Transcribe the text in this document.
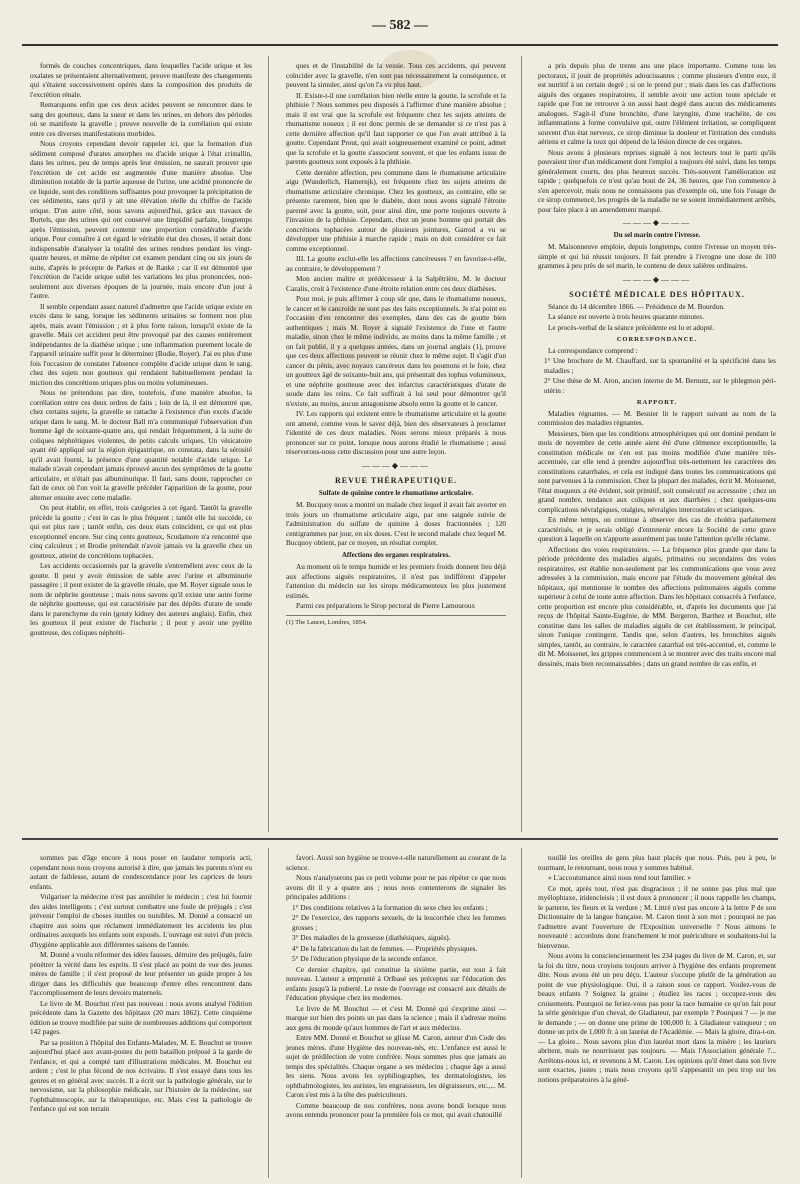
— 582 —

formés de couches concentriques, dans lesquelles l'acide urique et les oxalates se présentaient alternativement, preuve manifeste des changements qui s'étaient successivement opérés dans la composition des produits de l'excrétion rénale.

Remarquons enfin que ces deux acides peuvent se rencontrer dans le sang des goutteux, dans la sueur et dans les urines, en dehors des périodes où se manifeste la gravelle ; preuve nouvelle de la corrélation qui existe entre ces diverses manifestations morbides.

Nous croyons cependant devoir rappeler ici, que la formation d'un sédiment composé d'urates amorphes ou d'acide urique à l'état cristallin, dans les urines, peu de temps après leur émission, ne saurait prouver que l'excrétion de cet acide est augmentée d'une manière absolue. Une diminution notable de la partie aqueuse de l'urine, une acidité prononcée de ce liquide, sont des conditions suffisantes pour provoquer la précipitation de ces sédiments, sans qu'il y ait une élévation réelle du chiffre de l'acide urique. D'un autre côté, nous savons aujourd'hui, grâce aux travaux de Bortels, que des urines qui ont conservé une limpidité parfaite, longtemps après l'émission, peuvent contenir une proportion considérable d'acide urique. Pour connaître à cet égard le véritable état des choses, il serait donc indispensable d'analyser la totalité des urines rendues pendant les vingt-quatre heures, et même de répéter cet examen pendant cinq ou six jours de suite, d'après le précepte de Parkes et de Ranke ; car il est démontré que l'excrétion de l'acide urique subit les variations les plus prononcées, non-seulement aux diverses époques de la journée, mais encore d'un jour à l'autre.

Il semble cependant assez naturel d'admettre que l'acide urique existe en excès dans le sang, lorsque les sédiments urinaires se forment non plus après, mais avant l'émission ; et à plus forte raison, lorsqu'il existe de la gravelle. Mais cet accident peut être provoqué par des causes entièrement indépendantes de la diathèse urique ; une inflammation purement locale de l'appareil urinaire suffit pour le déterminer (Bodie, Royer). J'ai eu plus d'une fois l'occasion de constater l'absence complète d'acide urique dans le sang, chez des sujets non goutteux qui rendaient habituellement pendant la miction des concrétions uriques plus ou moins volumineuses.

Nous ne prétendons pas dire, toutefois, d'une manière absolue, la corrélation entre ces deux ordres de faits ; loin de là, il est démontré que, chez certains sujets, la gravelle se rattache à l'existence d'un excès d'acide urique dans le sang. M. le docteur Ball m'a communiqué l'observation d'un homme âgé de soixante-quatre ans, qui rendait fréquemment, à la suite de coliques néphrétiques violentes, de petits calculs uriques. Un vésicatoire ayant été appliqué sur la région épigastrique, on constata, dans la sérosité qu'il avait fourni, la présence d'une quantité notable d'acide urique. Le malade n'avait cependant jamais éprouvé aucun des symptômes de la goutte articulaire, et n'était pas albuminurique. Il faut, sans doute, rapprocher ce fait de ceux où l'on voit la gravelle précéder l'apparition de la goutte, pour alterner ensuite avec cette maladie.

On peut établir, en effet, trois catégories à cet égard. Tantôt la gravelle précède la goutte ; c'est le cas le plus fréquent ; tantôt elle lui succède, ce qui est plus rare ; tantôt enfin, ces deux états coïncident, ce qui est plus exceptionnel encore. Sur cinq cents goutteux, Scudamore n'a rencontré que cinq calculeux ; et Brodie prétendait n'avoir jamais vu la gravelle chez un goutteux, atteint de concrétions tophacées.

Les accidents occasionnés par la gravelle s'entremêlent avec ceux de la goutte. Il peut y avoir émission de sable avec l'urine et albuminurie passagère ; il peut exister de la gravelle rénale, que M. Royer signale sous le nom de néphrite goutteuse ; mais nous savons qu'il existe une autre forme de néphrite goutteuse, qui est caractérisée par des dépôts d'urate de soude dans le parenchyme du rein (gouty kidney des auteurs anglais). Enfin, chez les goutteux il peut exister de l'ischurie ; il peut y avoir une pyélite goutteuse, des coliques néphréti-

ques et de l'instabilité de la vessie. Tous ces accidents, qui peuvent coïncider avec la gravelle, n'en sont pas nécessairement la conséquence, et peuvent la simuler, ainsi qu'on l'a vu plus haut.

II. Existe-t-il une corrélation bien réelle entre la goutte, la scrofule et la phthisie ? Nous sommes peu disposés à l'affirmer d'une manière absolue ; mais il est vrai que la scrofule est fréquente chez les sujets atteints de rhumatisme noueux ; il est donc permis de se demander si ce n'est pas à cette dernière affection qu'il faut rapporter ce que l'on avait attribué à la goutte. Cependant Prout, qui avait soigneusement examiné ce point, admet que la scrofule et la goutte s'associent souvent, et que les enfants issus de parents goutteux sont exposés à la phthisie.

Cette dernière affection, peu commune dans le rhumatisme articulaire aigu (Wunderlich, Hamernjk), est fréquente chez les sujets atteints de rhumatisme articulaire chronique. Chez les goutteux, au contraire, elle se présente rarement, bien que le diabète, dont nous avons signalé l'étroite parenté avec la goutte, soit, pour ainsi dire, une porte toujours ouverte à l'invasion de la phthisie. Cependant, chez un jeune homme qui portait des concrétions tophacées autour de plusieurs jointures, Garrod a vu se développer une phthisie à marche rapide ; mais on doit considérer ce fait comme exceptionnel.

III. La goutte exclut-elle les affections cancéreuses ? en favorise-t-elle, au contraire, le développement ?

Mon ancien maître et prédécesseur à la Salpêtrière, M. le docteur Cazalis, croit à l'existence d'une étroite relation entre ces deux diathèses.

Pour moi, je puis affirmer à coup sûr que, dans le rhumatisme noueux, le cancer et le cancroïde ne sont pas des faits exceptionnels. Je n'ai point eu l'occasion d'en rencontrer des exemples, dans des cas de goutte bien authentiques ; mais M. Royer a signalé l'existence de l'une et l'autre maladie, sinon chez le même individu, au moins dans la même famille ; et on fait publié, il y a quelques années, dans un journal anglais (1), prouve que ces deux affections peuvent se réunir chez le même sujet. Il s'agit d'un cancer du pénis, avec noyaux cancéreux dans les poumons et le foie, chez un goutteux âgé de soixante-huit ans, qui présentait des tophus volumineux, et une néphrite goutteuse avec des infarctus caractéristiques d'urate de soude dans les reins. Ce fait suffirait à lui seul pour démontrer qu'il n'existe, au moins, aucun antagonisme absolu entre la goutte et le cancer.

IV. Les rapports qui existent entre le rhumatisme articulaire et la goutte ont amené, comme vous le savez déjà, bien des observateurs à proclamer l'identité de ces deux maladies. Nous serons mieux préparés à nous prononcer sur ce point, lorsque nous aurons étudié le rhumatisme ; aussi réserverons-nous cette discussion pour une autre leçon.

———◆———
REVUE THÉRAPEUTIQUE.
Sulfate de quinine contre le rhumatisme articulaire.

M. Bucquoy nous a montré un malade chez lequel il avait fait avorter en trois jours un rhumatisme articulaire aigu, par une saignée suivie de l'administration du sulfate de quinine à doses fractionnées ; 120 centigrammes par jour, en six doses. C'est le second malade chez lequel M. Bucquoy obtient, par ce moyen, un résultat complet.

Affections des organes respiratoires.

Au moment où le temps humide et les premiers froids donnent lieu déjà aux affections aiguës respiratoires, il n'est pas indifférent d'appeler l'attention du médecin sur les sirops médicamenteux les plus justement estimés.

Parmi ces préparations le Sirop pectoral de Pierre Lamouroux

(1) The Lancet, Londres, 1854.

a pris depuis plus de trente ans une place importante. Comme tous les pectoraux, il jouit de propriétés adoucissantes ; comme plusieurs d'entre eux, il est nutritif à un certain degré ; si on le prend pur ; mais dans les cas d'affections aiguës des organes respiratoires, il semble avoir une action toute spéciale et rapide que l'on ne retrouve à un aussi haut degré dans aucun des médicaments analogues. S'agit-il d'une bronchite, d'une laryngite, d'une trachéite, de ces inflammations à forme convulsive qui, outre l'élément irritation, se compliquent souvent d'un état nerveux, ce sirop diminue la douleur et l'irritation des conduits aériens et calme la toux qui dépend de la lésion directe de ces organes.

Nous avons à plusieurs reprises signalé à nos lecteurs tout le parti qu'ils pouvaient tirer d'un médicament dont l'emploi a toujours été suivi, dans les temps généralement courts, des plus heureux succès. Très-souvent l'amélioration est rapide ; quelquefois ce n'est qu'au bout de 24, 36 heures, que l'on commence à s'en apercevoir, mais nous ne connaissons pas d'exemple où, une fois l'usage de ce sirop commencé, les progrès de la maladie ne se soient immédiatement arrêtés, pour faire place à un amendement marqué.

———◆———
Du sel marin contre l'ivresse.

M. Maisonneuve emploie, depuis longtemps, contre l'ivresse un moyen très-simple et qui lui réussit toujours. Il fait prendre à l'ivrogne une dose de 100 grammes à peu près de sel marin, le contenu de deux salières ordinaires.

———◆———
SOCIÉTÉ MÉDICALE DES HÔPITAUX.

Séance du 14 décembre 1866. — Présidence de M. Bourdon.

La séance est ouverte à trois heures quarante minutes.

Le procès-verbal de la séance précédente est lu et adopté.

CORRESPONDANCE.

La correspondance comprend :

1° Une brochure de M. Chauffard, sur la spontanéité et la spécificité dans les maladies ;

2° Une thèse de M. Aron, ancien interne de M. Bernutz, sur le phlegmon péri-utérin :

RAPPORT.

Maladies régnantes. — M. Besnier lit le rapport suivant au nom de la commission des maladies régnantes.

Messieurs, bien que les conditions atmosphériques qui ont dominé pendant le mois de novembre de cette année aient été d'une clémence exceptionnelle, la constitution médicale ne s'en est pas moins modifiée d'une manière très-accentuée, car elle tend à prendre aujourd'hui très-nettement les caractères des constitutions catarrhales, et cela est indiqué dans toutes les communications qui sont parvenues à la commission. Chez la plupart des malades, écrit M. Moissenet, l'état muqueux a été évident, soit primitif, soit consécutif ou accessoire ; chez un grand nombre, tendance aux coliques et aux diarrhées ; chez quelques-uns complications névralgiques, otalgies, névralgies intercostales et sciatiques.

En même temps, on continue à observer des cas de choléra parfaitement caractérisés, et je serais obligé d'entretenir encore la Société de cette grave question à laquelle on n'apporte assurément pas toute l'attention qu'elle réclame.

Affections des voies respiratoires. — La fréquence plus grande que dans la période précédente des maladies aiguës, primaires ou secondaires des voies respiratoires, est établie non-seulement par les communications que vous avez adressées à la commission, mais encore par l'étude du mouvement général des hôpitaux, qui mentionne le nombre des affections pulmonaires aiguës comme supérieur à celui de toute autre affection. Dans les hôpitaux consacrés à l'enfance, cette proportion est encore plus considérable, et, d'après les documents que j'ai reçus de l'hôpital Sainte-Eugénie, de MM. Bergeron, Barthez et Bouchut, elle constitue dans les salles de maladies aiguës de cet établissement, le principal, sinon l'unique contingent. Tandis que, selon d'autres, les bronchites aiguës simples, tantôt, au contraire, le caractère catarrhal est très-accentué, et, comme le dit M. Moissenet, les grippes commencent à se montrer avec des traits encore mal dessinés, mais bien reconnaissables ; dans un grand nombre de cas enfin, et

sommes pas d'âge encore à nous poser en laudator temporis acti, cependant nous nous croyons autorisé à dire, que jamais les parents n'ont eu autant de faiblesse, autant de condescendance pour les caprices de leurs enfants.

Vulgariser la médecine n'est pas annihiler le médecin ; c'est lui fournir des aides intelligents ; c'est surtout combattre une foule de préjugés ; c'est prévenir l'emploi de choses inutiles ou nuisibles. M. Donné a consacré un chapitre aux soins que réclament immédiatement les accidents les plus ordinaires auxquels les enfants sont exposés. L'ouvrage est suivi d'un précis d'hygiène applicable aux différentes saisons de l'année.

M. Donné a voulu réformer des idées fausses, détruire des préjugés, faire pénétrer la vérité dans les esprits. Il s'est placé au point de vue des jeunes mères de famille ; il s'est proposé de leur présenter un guide propre à les diriger dans les difficultés que beaucoup d'entre elles rencontrent dans l'accomplissement de leurs devoirs maternels.

Le livre de M. Bouchut n'est pas nouveau : nous avons analysé l'édition précédente dans la Gazette des hôpitaux (20 mars 1862). Cette cinquième édition se trouve modifiée par suite de nombreuses additions qui comportent 142 pages.

Par sa position à l'hôpital des Enfants-Malades, M. E. Bouchut se trouve aujourd'hui placé aux avant-postes du petit bataillon préposé à la garde de l'enfance, et qui a compté tant d'illustrations médicales. M. Bouchut est ardent ; c'est le plus fécond de nos écrivains. Il s'est essayé dans tous les genres et en général avec succès. Il a écrit sur la pathologie générale, sur le nervosisme, sur la philosophie médicale, sur l'histoire de la médecine, sur l'ophthalmoscopie, sur la thérapeutique, etc. Mais c'est la pathologie de l'enfance qui est son terrain

favori. Aussi son hygiène se trouve-t-elle naturellement au courant de la science.

Nous n'analyserons pas ce petit volume pour ne pas répéter ce que nous avons dit il y a quatre ans ; nous nous contenterons de signaler les principales additions :

1° Des conditions relatives à la formation du sexe chez les enfants ;

2° De l'exercice, des rapports sexuels, de la leucorrhée chez les femmes grosses ;

3° Des maladies de la grossesse (diathésiques, aiguës).

4° De la fabrication du lait de femmes. — Propriétés physiques.

5° De l'éducation physique de la seconde enfance.

Ce dernier chapitre, qui constitue la sixième partie, est tout à fait nouveau. L'auteur a emprunté à Orlbasé ses préceptes sur l'éducation des enfants jusqu'à la puberté. Le reste de l'ouvrage est consacré aux détails de l'éducation physique chez les modernes.

Le livre de M. Bouchut — et c'est M. Donné qui s'exprime ainsi — marque sur bien des points un pas dans la science ; mais il s'adresse moins aux gens du monde qu'aux hommes de l'art et aux médecins.

Entre MM. Donné et Bouchut se glisse M. Caron, auteur d'un Code des jeunes mères. d'une Hygiène des nouveau-nés, etc. L'enfance est aussi le sujet de prédilection de votre confrère. Nous sommes plus que jamais au temps des spécialités. Chaque organe a ses médecins ; chaque âge a aussi les siens. Nous avons les syphiliographes, les dermatologistes, les ophthalmologistes, les auristes, les engraisseurs, les dégraisseurs, etc.,... M. Caron s'est mis à la tête des puériculteurs.

Comme beaucoup de nos confrères, nous avons bondi lorsque nous avons entendu prononcer pour la première fois ce mot, qui avait chatouillé

touillé les oreilles de gens plus haut placés que nous. Puis, peu à peu, le tourmant, le retournant, nous nous y sommes habitué.

« L'accoutumance ainsi nous rend tout familier. »

Ce mot, après tout, n'est pas disgracieux ; il ne sonne pas plus mal que myélophtaxe, iridencleisis ; il est doux à prononcer ; il nous rappelle les champs, le parterre, les fleurs et la verdure ; M. Littré n'est pas encore à la lettre P de son Dictionnaire de la langue française. M. Caron tient à son mot ; pourquoi ne pas l'admettre avant l'ouverture de l'Exposition universelle ? Nous aimons le nouveauté : accordons donc franchement le mot puériculture et souhaitons-lui la bienvenue.

Nous avons lu consciencieusement les 234 pages du livre de M. Caron, et, sur la foi du titre, nous croyions toujours arriver à l'hygiène des enfants proprement dite. Nous avons été un peu déçu. L'auteur s'occupe plutôt de la génération au point de vue physiologique. Oui, il a raison sous ce rapport. Voulez-vous de beaux enfants ? Soignez la graine ; étudiez les races ; occupez-vous des croisements. Pourquoi ne feriez-vous pas pour la race humaine ce qu'on fait pour la série générique d'un cheval, de Gladiateur, par exemple ? Pourquoi ? — je me le demande ; — on donne une prime de 100,000 fr. à Gladiateur vainqueur ; on donne un prix de 1,000 fr. à un lauréat de l'Académie. — Mais la gloire, dira-t-on. — La gloire... Nous savons plus d'un lauréat mort dans la misère ; les lauriers abritent, mais ne nourrissent pas toujours. — Mais l'Association générale ?... Arrêtons-nous ici, et revenons à M. Caron. Les opinions qu'il émet dans son livre sont exactes, justes ; mais nous croyons qu'il s'appesantit un peu trop sur les notions préparatoires à la géné-
